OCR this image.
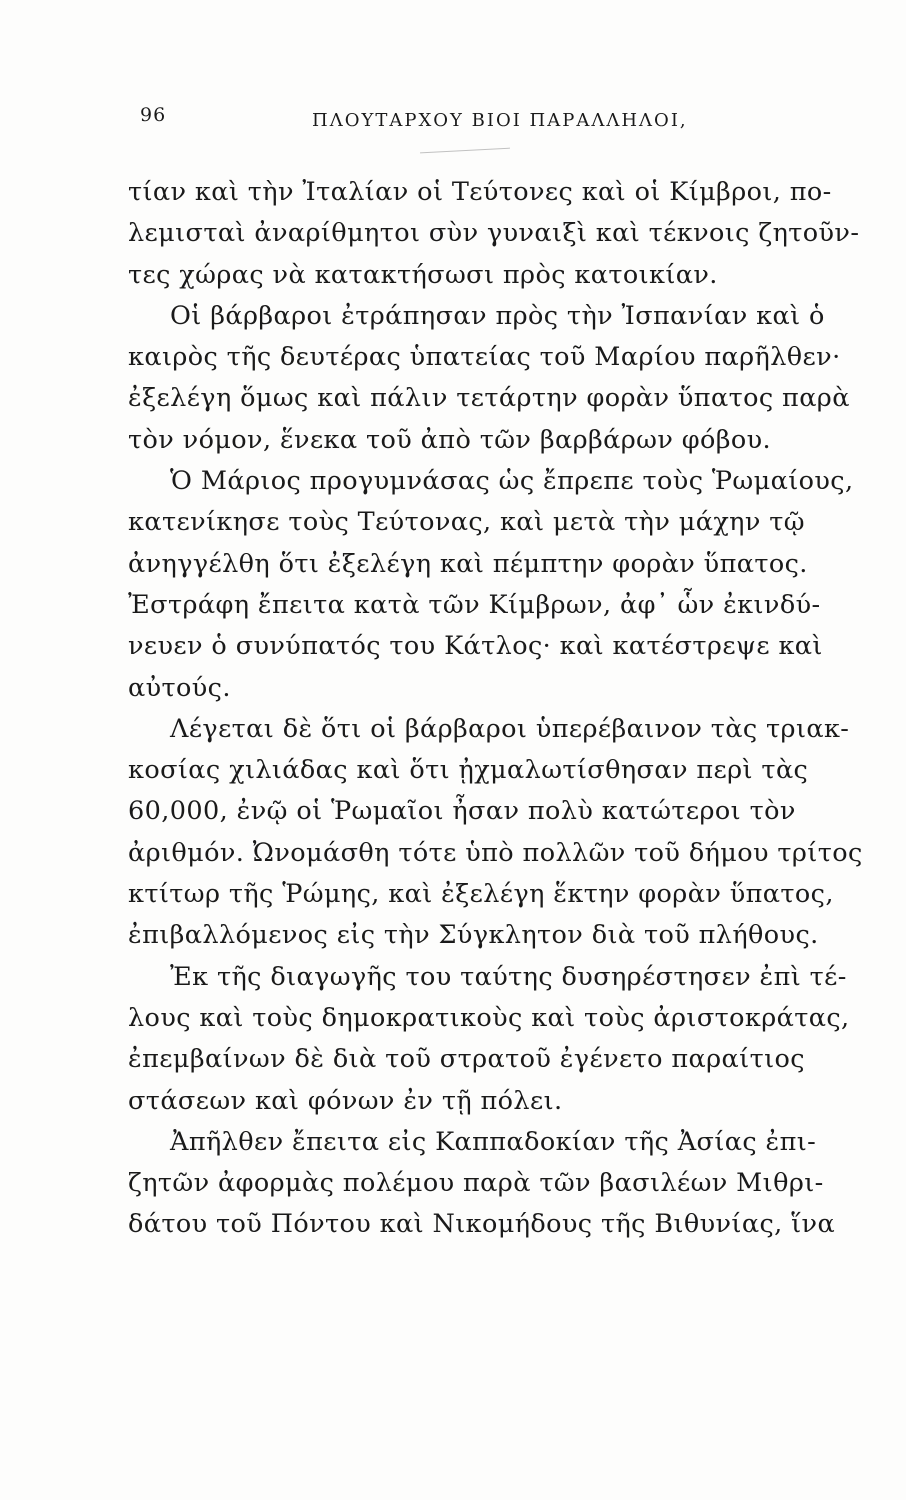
96	ΠΛΟΥΤΑΡΧΟΥ ΒΙΟΙ ΠΑΡΑΛΛΗΛΟΙ,
τίαν καὶ τὴν Ἰταλίαν οἱ Τεύτονες καὶ οἱ Κίμβροι, πο-
λεμισταὶ ἀναρίθμητοι σὺν γυναιξὶ καὶ τέκνοις ζητοῦν-
τες χώρας νὰ κατακτήσωσι πρὸς κατοικίαν.
Οἱ βάρβαροι ἐτράπησαν πρὸς τὴν Ἰσπανίαν καὶ ὁ
καιρὸς τῆς δευτέρας ὑπατείας τοῦ Μαρίου παρῆλθεν·
ἐξελέγη ὅμως καὶ πάλιν τετάρτην φορὰν ὕπατος παρὰ
τὸν νόμον, ἕνεκα τοῦ ἀπὸ τῶν βαρβάρων φόβου.
Ὁ Μάριος προγυμνάσας ὡς ἔπρεπε τοὺς Ῥωμαίους,
κατενίκησε τοὺς Τεύτονας, καὶ μετὰ τὴν μάχην τῷ
ἀνηγγέλθη ὅτι ἐξελέγη καὶ πέμπτην φορὰν ὕπατος.
Ἐστράφη ἔπειτα κατὰ τῶν Κίμβρων, ἀφ᾽ ὧν ἐκινδύ-
νευεν ὁ συνύπατός του Κάτλος· καὶ κατέστρεψε καὶ
αὐτούς.
Λέγεται δὲ ὅτι οἱ βάρβαροι ὑπερέβαινον τὰς τριακ-
κοσίας χιλιάδας καὶ ὅτι ᾐχμαλωτίσθησαν περὶ τὰς
60,000, ἐνῷ οἱ Ῥωμαῖοι ἦσαν πολὺ κατώτεροι τὸν
ἀριθμόν. Ὠνομάσθη τότε ὑπὸ πολλῶν τοῦ δήμου τρίτος
κτίτωρ τῆς Ῥώμης, καὶ ἐξελέγη ἕκτην φορὰν ὕπατος,
ἐπιβαλλόμενος εἰς τὴν Σύγκλητον διὰ τοῦ πλήθους.
Ἐκ τῆς διαγωγῆς του ταύτης δυσηρέστησεν ἐπὶ τέ-
λους καὶ τοὺς δημοκρατικοὺς καὶ τοὺς ἀριστοκράτας,
ἐπεμβαίνων δὲ διὰ τοῦ στρατοῦ ἐγένετο παραίτιος
στάσεων καὶ φόνων ἐν τῇ πόλει.
Ἀπῆλθεν ἔπειτα εἰς Καππαδοκίαν τῆς Ἀσίας ἐπι-
ζητῶν ἀφορμὰς πολέμου παρὰ τῶν βασιλέων Μιθρι-
δάτου τοῦ Πόντου καὶ Νικομήδους τῆς Βιθυνίας, ἵνα
